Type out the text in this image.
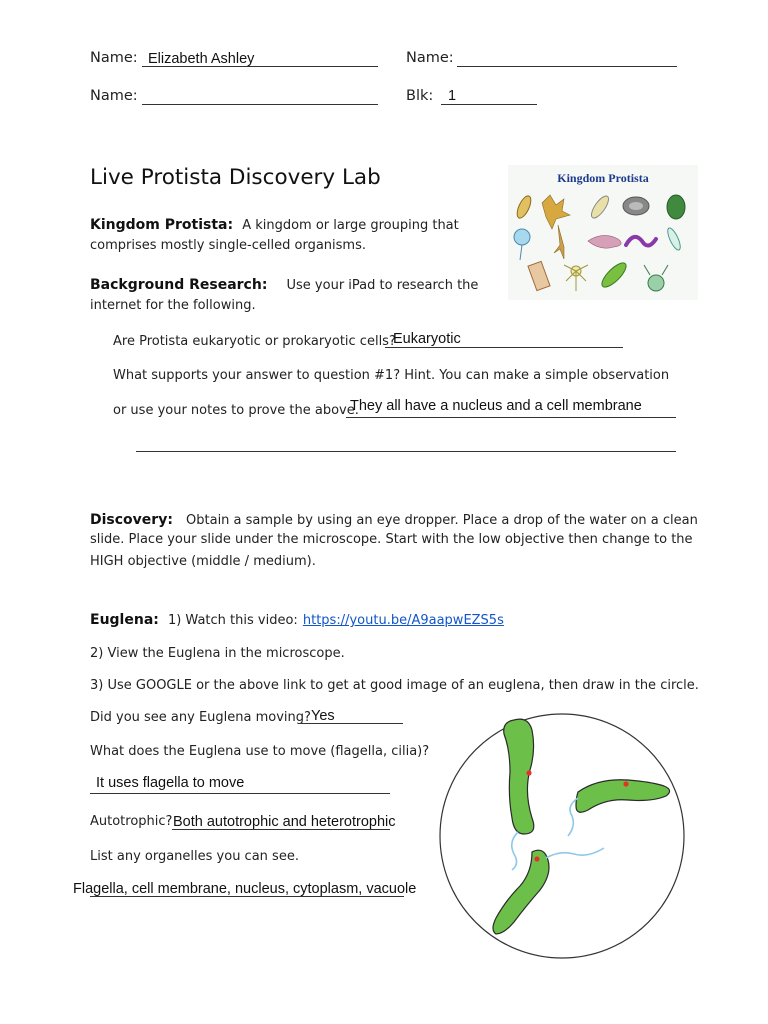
Name: Elizabeth Ashley	Name:
Name:	Blk: 1
Live Protista Discovery Lab
Kingdom Protista: A kingdom or large grouping that
comprises mostly single-celled organisms.
Kingdom Protista
Background Research: Use your iPad to research the
internet for the following.
Are Protista eukaryotic or prokaryotic cells?
Eukaryotic
What supports your answer to question #1? Hint. You can make a simple observation
or use your notes to prove the above.
They all have a nucleus and a cell membrane
Discovery: Obtain a sample by using an eye dropper. Place a drop of the water on a clean
slide. Place your slide under the microscope. Start with the low objective then change to the
HIGH objective (middle / medium).
Euglena: 1) Watch this video: https://youtu.be/A9aapwEZS5s
2) View the Euglena in the microscope.
3) Use GOOGLE or the above link to get at good image of an euglena, then draw in the circle.
Did you see any Euglena moving? Yes
What does the Euglena use to move (flagella, cilia)?
It uses flagella to move
Autotrophic? Both autotrophic and heterotrophic
List any organelles you can see.
Flagella, cell membrane, nucleus, cytoplasm, vacuole
